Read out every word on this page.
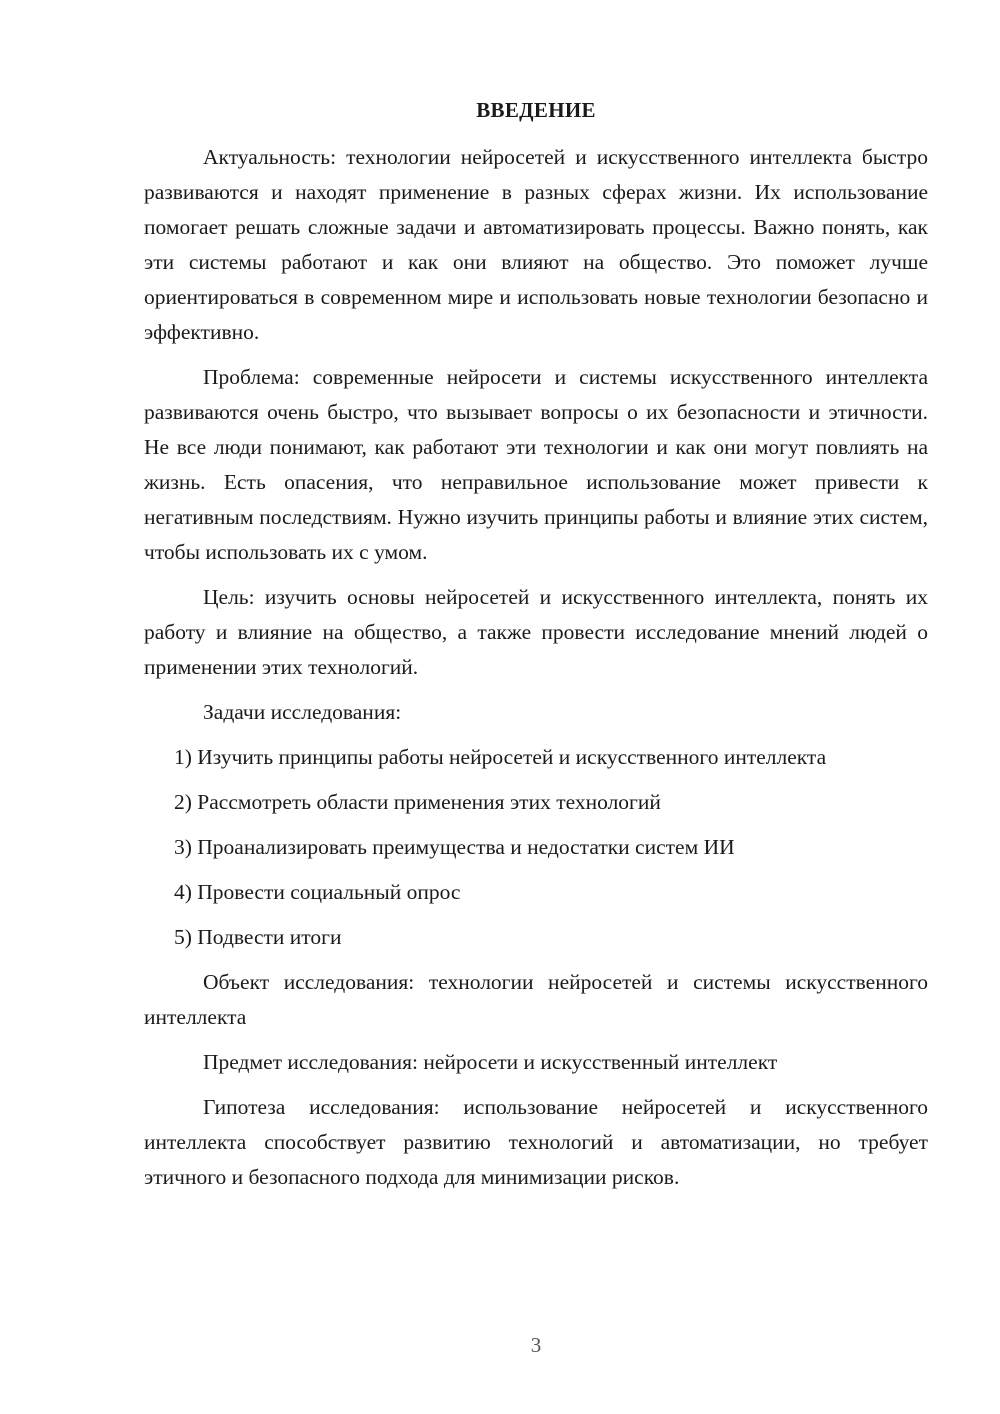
ВВЕДЕНИЕ

Актуальность: технологии нейросетей и искусственного интеллекта быстро развиваются и находят применение в разных сферах жизни. Их использование помогает решать сложные задачи и автоматизировать процессы. Важно понять, как эти системы работают и как они влияют на общество. Это поможет лучше ориентироваться в современном мире и использовать новые технологии безопасно и эффективно.

Проблема: современные нейросети и системы искусственного интеллекта развиваются очень быстро, что вызывает вопросы о их безопасности и этичности. Не все люди понимают, как работают эти технологии и как они могут повлиять на жизнь. Есть опасения, что неправильное использование может привести к негативным последствиям. Нужно изучить принципы работы и влияние этих систем, чтобы использовать их с умом.

Цель: изучить основы нейросетей и искусственного интеллекта, понять их работу и влияние на общество, а также провести исследование мнений людей о применении этих технологий.

Задачи исследования:
1) Изучить принципы работы нейросетей и искусственного интеллекта
2) Рассмотреть области применения этих технологий
3) Проанализировать преимущества и недостатки систем ИИ
4) Провести социальный опрос
5) Подвести итоги

Объект исследования: технологии нейросетей и системы искусственного интеллекта

Предмет исследования: нейросети и искусственный интеллект

Гипотеза исследования: использование нейросетей и искусственного интеллекта способствует развитию технологий и автоматизации, но требует этичного и безопасного подхода для минимизации рисков.

3
